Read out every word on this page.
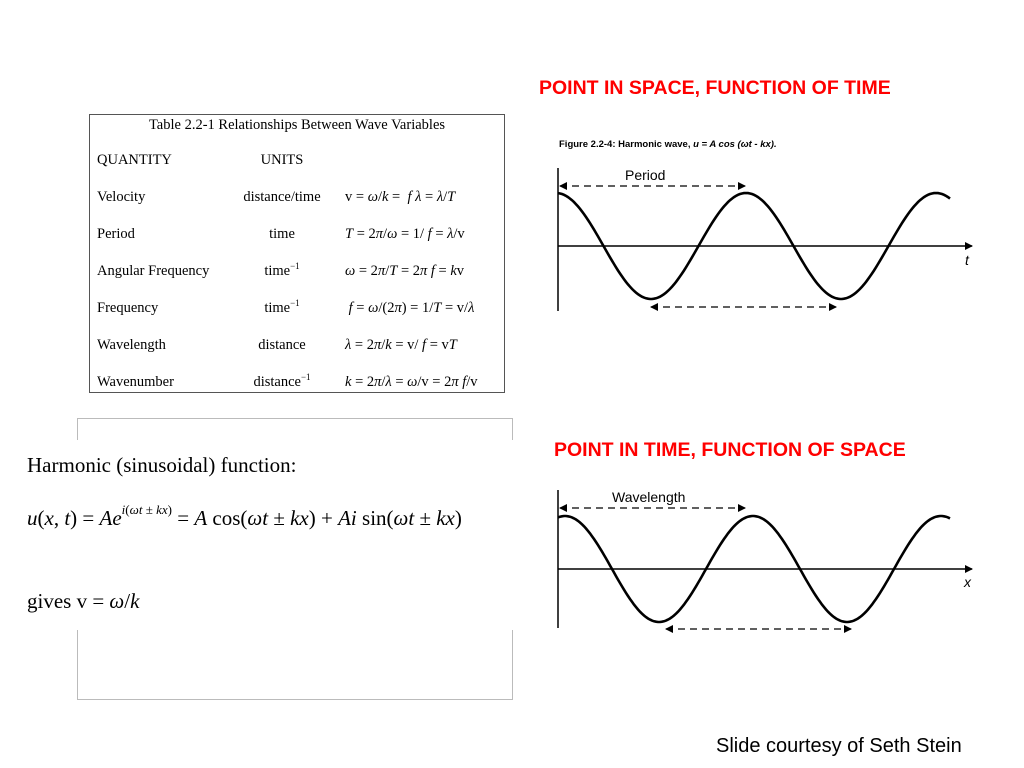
POINT IN SPACE, FUNCTION OF TIME
POINT IN TIME, FUNCTION OF SPACE
Table 2.2-1 Relationships Between Wave Variables
QUANTITY	UNITS
Velocity	distance/time	v = ω/k =  f λ = λ/T
Period	time	T = 2π/ω = 1/ f = λ/v
Angular Frequency	time$^{-1}$	ω = 2π/T = 2π f = kv
Frequency	time$^{-1}$	f = ω/(2π) = 1/T = v/λ
Wavelength	distance	λ = 2π/k = v/ f = vT
Wavenumber	distance$^{-1}$	k = 2π/λ = ω/v = 2π f/v
Harmonic (sinusoidal) function:
u(x, $t) = Ae^{i(\omega t \pm kx)} = A$ cos(ωt ± kx) + Ai sin(ωt ± kx)
gives v = ω/k
Figure 2.2-4: Harmonic wave, u = A cos (ωt - kx).
Period
t
Wavelength
x
Slide courtesy of Seth Stein
